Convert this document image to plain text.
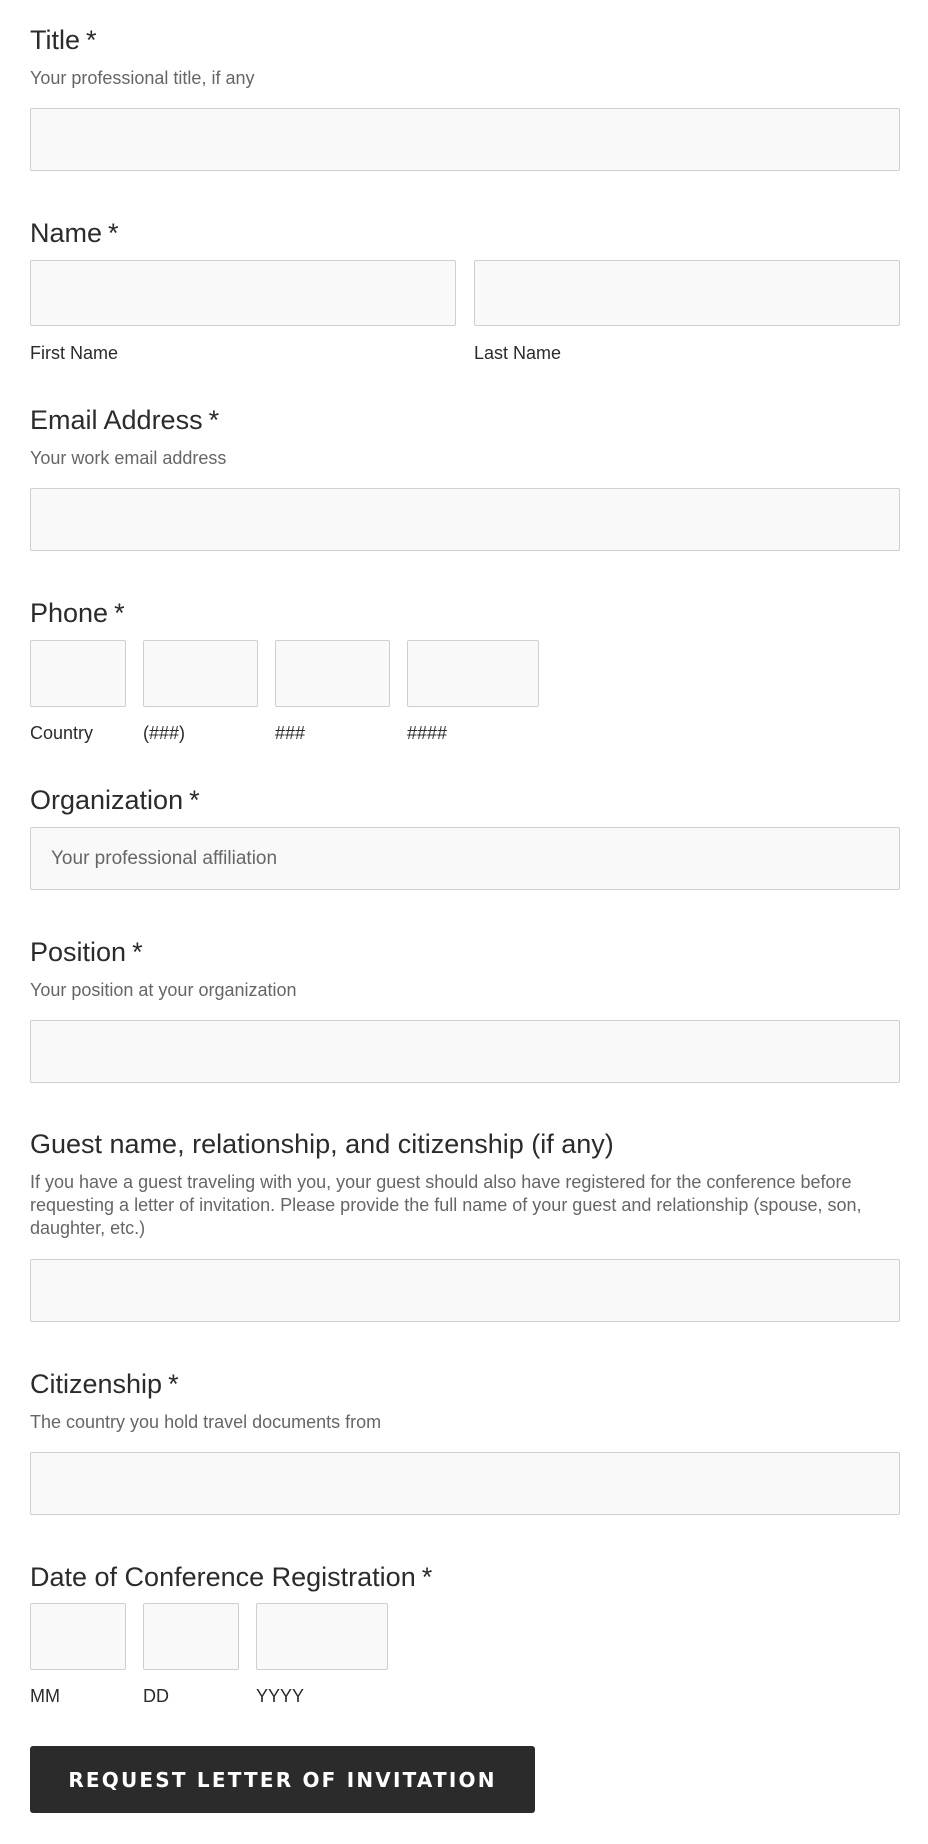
Title *
Your professional title, if any
Name *
First Name	Last Name
Email Address *
Your work email address
Phone *
Country	(###)	###	####
Organization *
Your professional affiliation
Position *
Your position at your organization
Guest name, relationship, and citizenship (if any)
If you have a guest traveling with you, your guest should also have registered for the conference before requesting a letter of invitation. Please provide the full name of your guest and relationship (spouse, son, daughter, etc.)
Citizenship *
The country you hold travel documents from
Date of Conference Registration *
MM	DD	YYYY
REQUEST LETTER OF INVITATION
